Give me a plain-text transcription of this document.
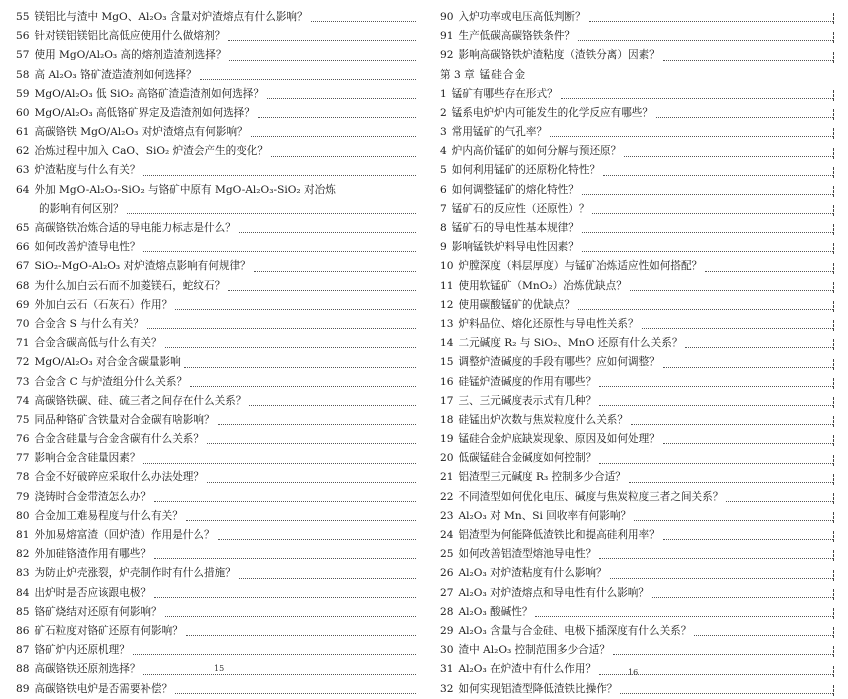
55 镁铝比与渣中 MgO、Al₂O₃ 含量对炉渣熔点有什么影响？
56 针对镁铝镁铝比高低应使用什么做熔剂？
57 使用 MgO/Al₂O₃ 高的熔剂造渣剂选择？
58 高 Al₂O₃ 铬矿渣造渣剂如何选择？
59 MgO/Al₂O₃ 低 SiO₂ 高铬矿渣造渣剂如何选择？
60 MgO/Al₂O₃ 高低铬矿界定及造渣剂如何选择？
61 高碳铬铁 MgO/Al₂O₃ 对炉渣熔点有何影响？
62 冶炼过程中加入 CaO、SiO₂ 炉渣会产生的变化？
63 炉渣粘度与什么有关？
64 外加 MgO-Al₂O₃-SiO₂ 与铬矿中原有 MgO-Al₂O₃-SiO₂ 对冶炼
的影响有何区别？
65 高碳铬铁冶炼合适的导电能力标志是什么？
66 如何改善炉渣导电性？
67 SiO₂-MgO-Al₂O₃ 对炉渣熔点影响有何规律？
68 为什么加白云石而不加菱镁石，蛇纹石？
69 外加白云石（石灰石）作用？
70 合金含 S 与什么有关？
71 合金含碳高低与什么有关？
72 MgO/Al₂O₃ 对合金含碳量影响
73 合金含 C 与炉渣组分什么关系？
74 高碳铬铁碳、硅、硫三者之间存在什么关系？
75 同品种铬矿含铁量对合金碳有啥影响？
76 合金含硅量与合金含碳有什么关系？
77 影响合金含硅量因素？
78 合金不好破碎应采取什么办法处理？
79 浇铸时合金带渣怎么办？
80 合金加工难易程度与什么有关？
81 外加易熔富渣（回炉渣）作用是什么？
82 外加硅铬渣作用有哪些？
83 为防止炉壳涨裂，炉壳制作时有什么措施？
84 出炉时是否应该跟电极？
85 铬矿烧结对还原有何影响？
86 矿石粒度对铬矿还原有何影响？
87 铬矿炉内还原机理？
88 高碳铬铁还原剂选择？
89 高碳铬铁电炉是否需要补偿？
15
90 入炉功率或电压高低判断？
91 生产低碳高碳铬铁条件？
92 影响高碳铬铁炉渣粘度（渣铁分离）因素？
第 3 章 锰硅合金
1 锰矿有哪些存在形式？
2 锰系电炉炉内可能发生的化学反应有哪些？
3 常用锰矿的气孔率？
4 炉内高价锰矿的如何分解与预还原？
5 如何利用锰矿的还原粉化特性？
6 如何调整锰矿的熔化特性？
7 锰矿石的反应性（还原性）？
8 锰矿石的导电性基本规律？
9 影响锰铁炉料导电性因素？
10 炉膛深度（料层厚度）与锰矿冶炼适应性如何搭配？
11 使用软锰矿（MnO₂）冶炼优缺点？
12 使用碳酸锰矿的优缺点？
13 炉料品位、熔化还原性与导电性关系？
14 二元碱度 R₂ 与 SiO₂、MnO 还原有什么关系？
15 调整炉渣碱度的手段有哪些？应如何调整？
16 硅锰炉渣碱度的作用有哪些？
17 三、三元碱度表示式有几种？
18 硅锰出炉次数与焦炭粒度什么关系？
19 锰硅合金炉底缺炭现象、原因及如何处理？
20 低碳锰硅合金碱度如何控制？
21 铝渣型三元碱度 R₃ 控制多少合适？
22 不同渣型如何优化电压、碱度与焦炭粒度三者之间关系？
23 Al₂O₃ 对 Mn、Si 回收率有何影响？
24 铝渣型为何能降低渣铁比和提高硅利用率？
25 如何改善铝渣型熔池导电性？
26 Al₂O₃ 对炉渣粘度有什么影响？
27 Al₂O₃ 对炉渣熔点和导电性有什么影响？
28 Al₂O₃ 酸碱性？
29 Al₂O₃ 含量与合金硅、电极下插深度有什么关系？
30 渣中 Al₂O₃ 控制范围多少合适？
31 Al₂O₃ 在炉渣中有什么作用？
32 如何实现铝渣型降低渣铁比操作？
16
